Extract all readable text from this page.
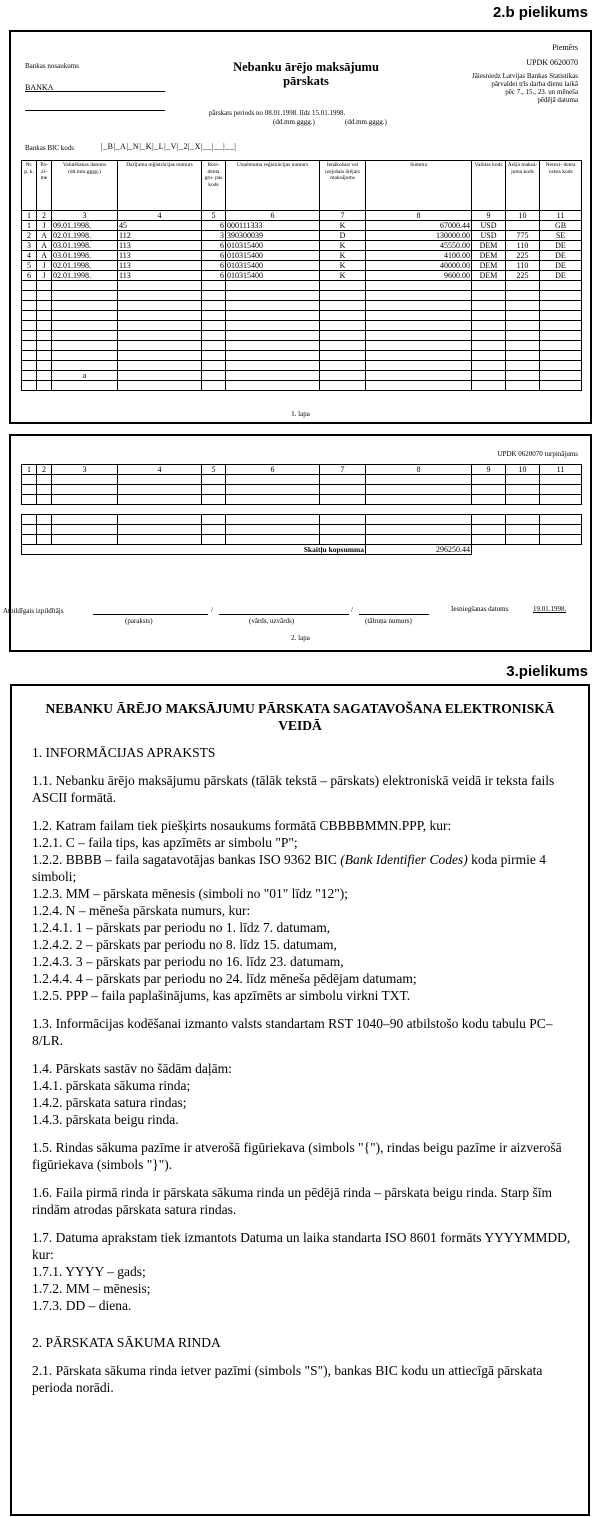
2.b pielikums
Piemērs
UPDK 0620070
Bankas nosaukums
BANKA
Nebanku ārējo maksājumu
pārskats
pārskats periods no 08.01.1998. līdz 15.01.1998.
(dd.mm.gggg.)	(dd.mm.gggg.)
Jāiesniedz Latvijas Bankas Statistikas
pārvaldei trīs darba dienu laikā
pēc 7., 15., 23. un mēneša
pēdējā datuma
Bankas BIC kods	|_B|_A|_N|_K|_L|_V|_2|_X|__|__|__|
Nr. p. k.	Pa- zī- me	Valutēšanas datums (dd.mm.gggg.)	Darījuma reģistrācijas numurs	Rezi- denta gru- pas kods	Uzņēmuma reģistrācijas numurs	Ienākošais vai izejošais ārējais maksājums	Summa	Valūtas kods	Ārējā maksā- juma kods	Nerezi- denta valsts kods
1	2	3	4	5	6	7	8	9	10	11
1	J	09.01.1998.	45	6	000111333	K	67000.44	USD		GB
2	A	02.01.1998.	112	3	390300039	D	130000.00	USD	775	SE
3	A	03.01.1998.	113	6	010315400	K	45550.00	DEM	110	DE
4	A	03.01.1998.	113	6	010315400	K	4100.00	DEM	225	DE
5	J	02.01.1998.	113	6	010315400	K	40000.00	DEM	110	DE
6	J	02.01.1998.	113	6	010315400	K	9600.00	DEM	225	DE

		a								

1. lapa
UPDK 0620070 turpinājums
1	2	3	4	5	6	7	8	9	10	11

Skaitļu kopsumma							296250.44			
Atbildīgais izpildītājs	/	/
(paraksts)	(vārds, uzvārds)	(tālruņa numurs)
Iesniegšanas datums	19.01.1998.
2. lapa
3.pielikums
NEBANKU ĀRĒJO MAKSĀJUMU PĀRSKATA SAGATAVOŠANA ELEKTRONISKĀ VEIDĀ

1. INFORMĀCIJAS APRAKSTS

1.1. Nebanku ārējo maksājumu pārskats (tālāk tekstā – pārskats) elektroniskā veidā ir teksta fails ASCII formātā.

1.2. Katram failam tiek piešķirts nosaukums formātā CBBBBMMN.PPP, kur:
1.2.1. C – faila tips, kas apzīmēts ar simbolu "P";
1.2.2. BBBB – faila sagatavotājas bankas ISO 9362 BIC (Bank Identifier Codes) koda pirmie 4 simboli;
1.2.3. MM – pārskata mēnesis (simboli no "01" līdz "12");
1.2.4. N – mēneša pārskata numurs, kur:
1.2.4.1. 1 – pārskats par periodu no 1. līdz 7. datumam,
1.2.4.2. 2 – pārskats par periodu no 8. līdz 15. datumam,
1.2.4.3. 3 – pārskats par periodu no 16. līdz 23. datumam,
1.2.4.4. 4 – pārskats par periodu no 24. līdz mēneša pēdējam datumam;
1.2.5. PPP – faila paplašinājums, kas apzīmēts ar simbolu virkni TXT.

1.3. Informācijas kodēšanai izmanto valsts standartam RST 1040–90 atbilstošo kodu tabulu PC–8/LR.

1.4. Pārskats sastāv no šādām daļām:
1.4.1. pārskata sākuma rinda;
1.4.2. pārskata satura rindas;
1.4.3. pārskata beigu rinda.

1.5. Rindas sākuma pazīme ir atverošā figūriekava (simbols "{"), rindas beigu pazīme ir aizverošā figūriekava (simbols "}").

1.6. Faila pirmā rinda ir pārskata sākuma rinda un pēdējā rinda – pārskata beigu rinda. Starp šīm rindām atrodas pārskata satura rindas.

1.7. Datuma aprakstam tiek izmantots Datuma un laika standarta ISO 8601 formāts YYYYMMDD, kur:
1.7.1. YYYY – gads;
1.7.2. MM – mēnesis;
1.7.3. DD – diena.

2. PĀRSKATA SĀKUMA RINDA

2.1. Pārskata sākuma rinda ietver pazīmi (simbols "S"), bankas BIC kodu un attiecīgā pārskata perioda norādi.
